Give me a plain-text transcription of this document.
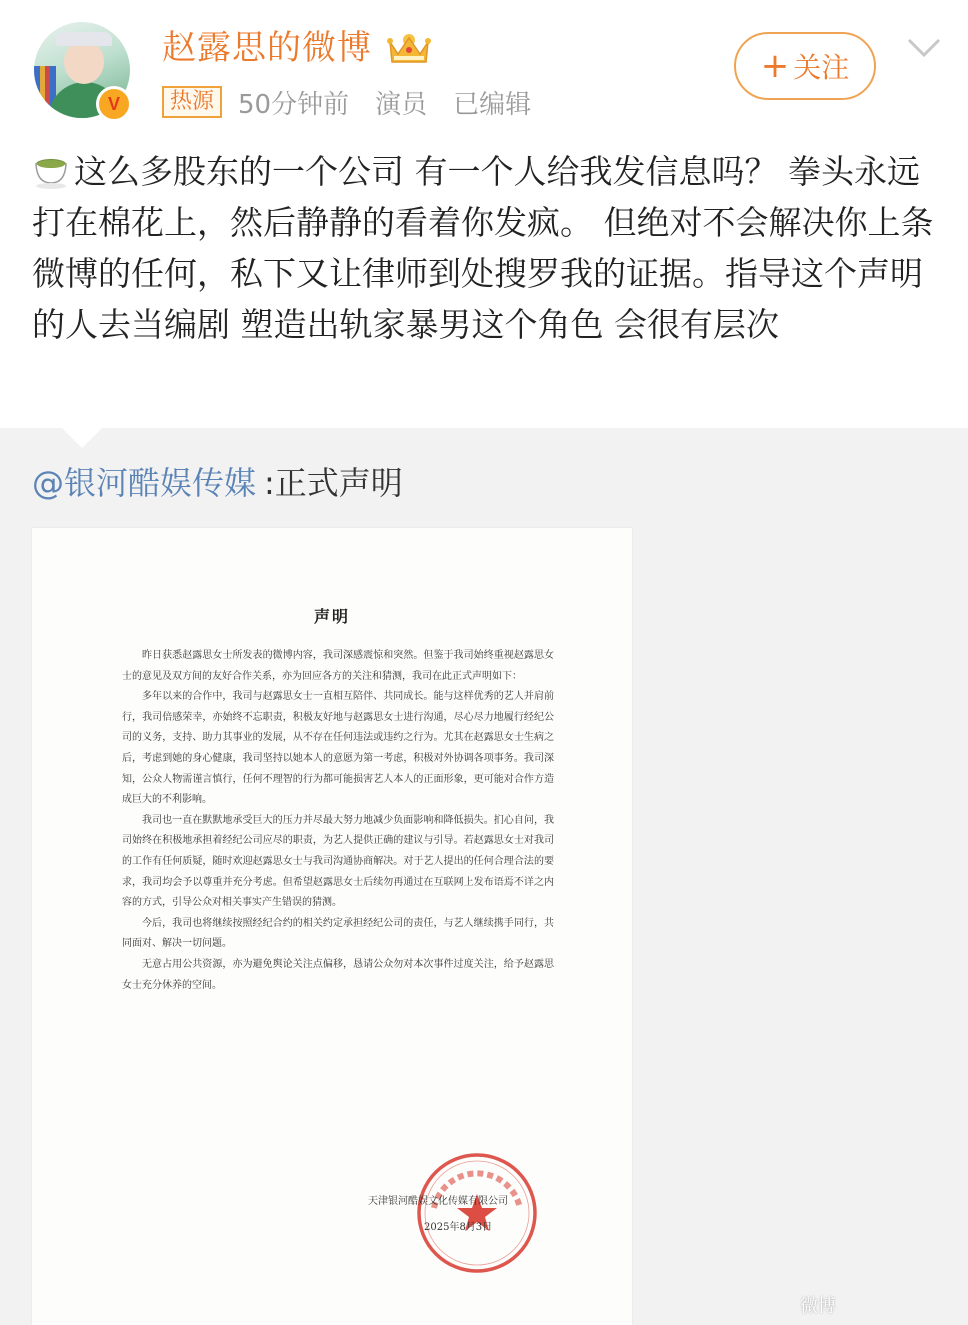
V
赵露思的微博
热源 50分钟前 演员 已编辑
+ 关注
这么多股东的一个公司 有一个人给我发信息吗？ 拳头永远打在棉花上，然后静静的看着你发疯。 但绝对不会解决你上条微博的任何，私下又让律师到处搜罗我的证据。指导这个声明的人去当编剧 塑造出轨家暴男这个角色 会很有层次
@银河酷娱传媒 :正式声明
声明

昨日获悉赵露思女士所发表的微博内容，我司深感震惊和突然。但鉴于我司始终重视赵露思女士的意见及双方间的友好合作关系，亦为回应各方的关注和猜测，我司在此正式声明如下：

多年以来的合作中，我司与赵露思女士一直相互陪伴、共同成长。能与这样优秀的艺人并肩前行，我司倍感荣幸，亦始终不忘职责，积极友好地与赵露思女士进行沟通，尽心尽力地履行经纪公司的义务，支持、助力其事业的发展，从不存在任何违法或违约之行为。尤其在赵露思女士生病之后，考虑到她的身心健康，我司坚持以她本人的意愿为第一考虑，积极对外协调各项事务。我司深知，公众人物需谨言慎行，任何不理智的行为都可能损害艺人本人的正面形象，更可能对合作方造成巨大的不利影响。

我司也一直在默默地承受巨大的压力并尽最大努力地减少负面影响和降低损失。扪心自问，我司始终在积极地承担着经纪公司应尽的职责，为艺人提供正确的建议与引导。若赵露思女士对我司的工作有任何质疑，随时欢迎赵露思女士与我司沟通协商解决。对于艺人提出的任何合理合法的要求，我司均会予以尊重并充分考虑。但希望赵露思女士后续勿再通过在互联网上发布语焉不详之内容的方式，引导公众对相关事实产生错误的猜测。

今后，我司也将继续按照经纪合约的相关约定承担经纪公司的责任，与艺人继续携手同行，共同面对、解决一切问题。

无意占用公共资源，亦为避免舆论关注点偏移，恳请公众勿对本次事件过度关注，给予赵露思女士充分休养的空间。

天津银河酷娱文化传媒有限公司
2025年8月3日
微博
